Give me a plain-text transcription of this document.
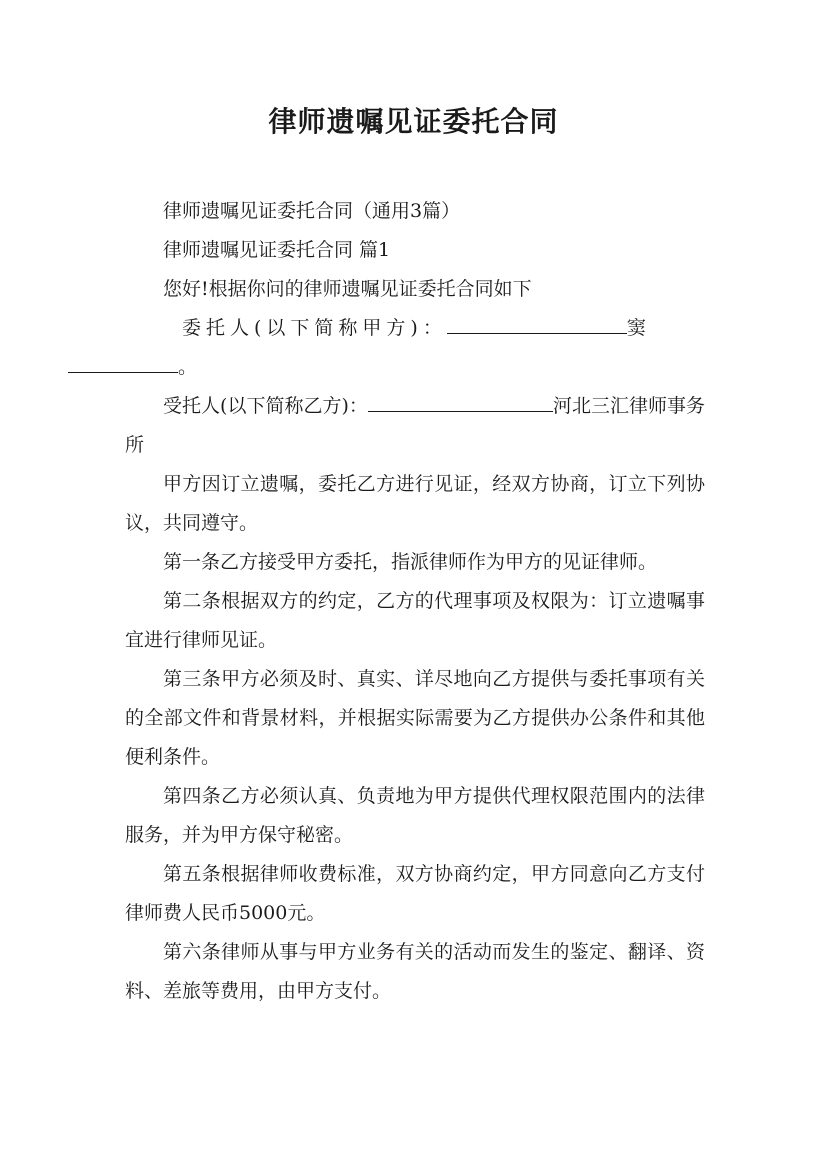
律师遗嘱见证委托合同

律师遗嘱见证委托合同（通用3篇）

律师遗嘱见证委托合同 篇1

您好!根据你问的律师遗嘱见证委托合同如下

委托人(以下简称甲方)：	窦
。

受托人(以下简称乙方)：	河北三汇律师事务所

甲方因订立遗嘱，委托乙方进行见证，经双方协商，订立下列协议，共同遵守。

第一条乙方接受甲方委托，指派律师作为甲方的见证律师。

第二条根据双方的约定，乙方的代理事项及权限为：订立遗嘱事宜进行律师见证。

第三条甲方必须及时、真实、详尽地向乙方提供与委托事项有关的全部文件和背景材料，并根据实际需要为乙方提供办公条件和其他便利条件。

第四条乙方必须认真、负责地为甲方提供代理权限范围内的法律服务，并为甲方保守秘密。

第五条根据律师收费标准，双方协商约定，甲方同意向乙方支付律师费人民币5000元。

第六条律师从事与甲方业务有关的活动而发生的鉴定、翻译、资料、差旅等费用，由甲方支付。
